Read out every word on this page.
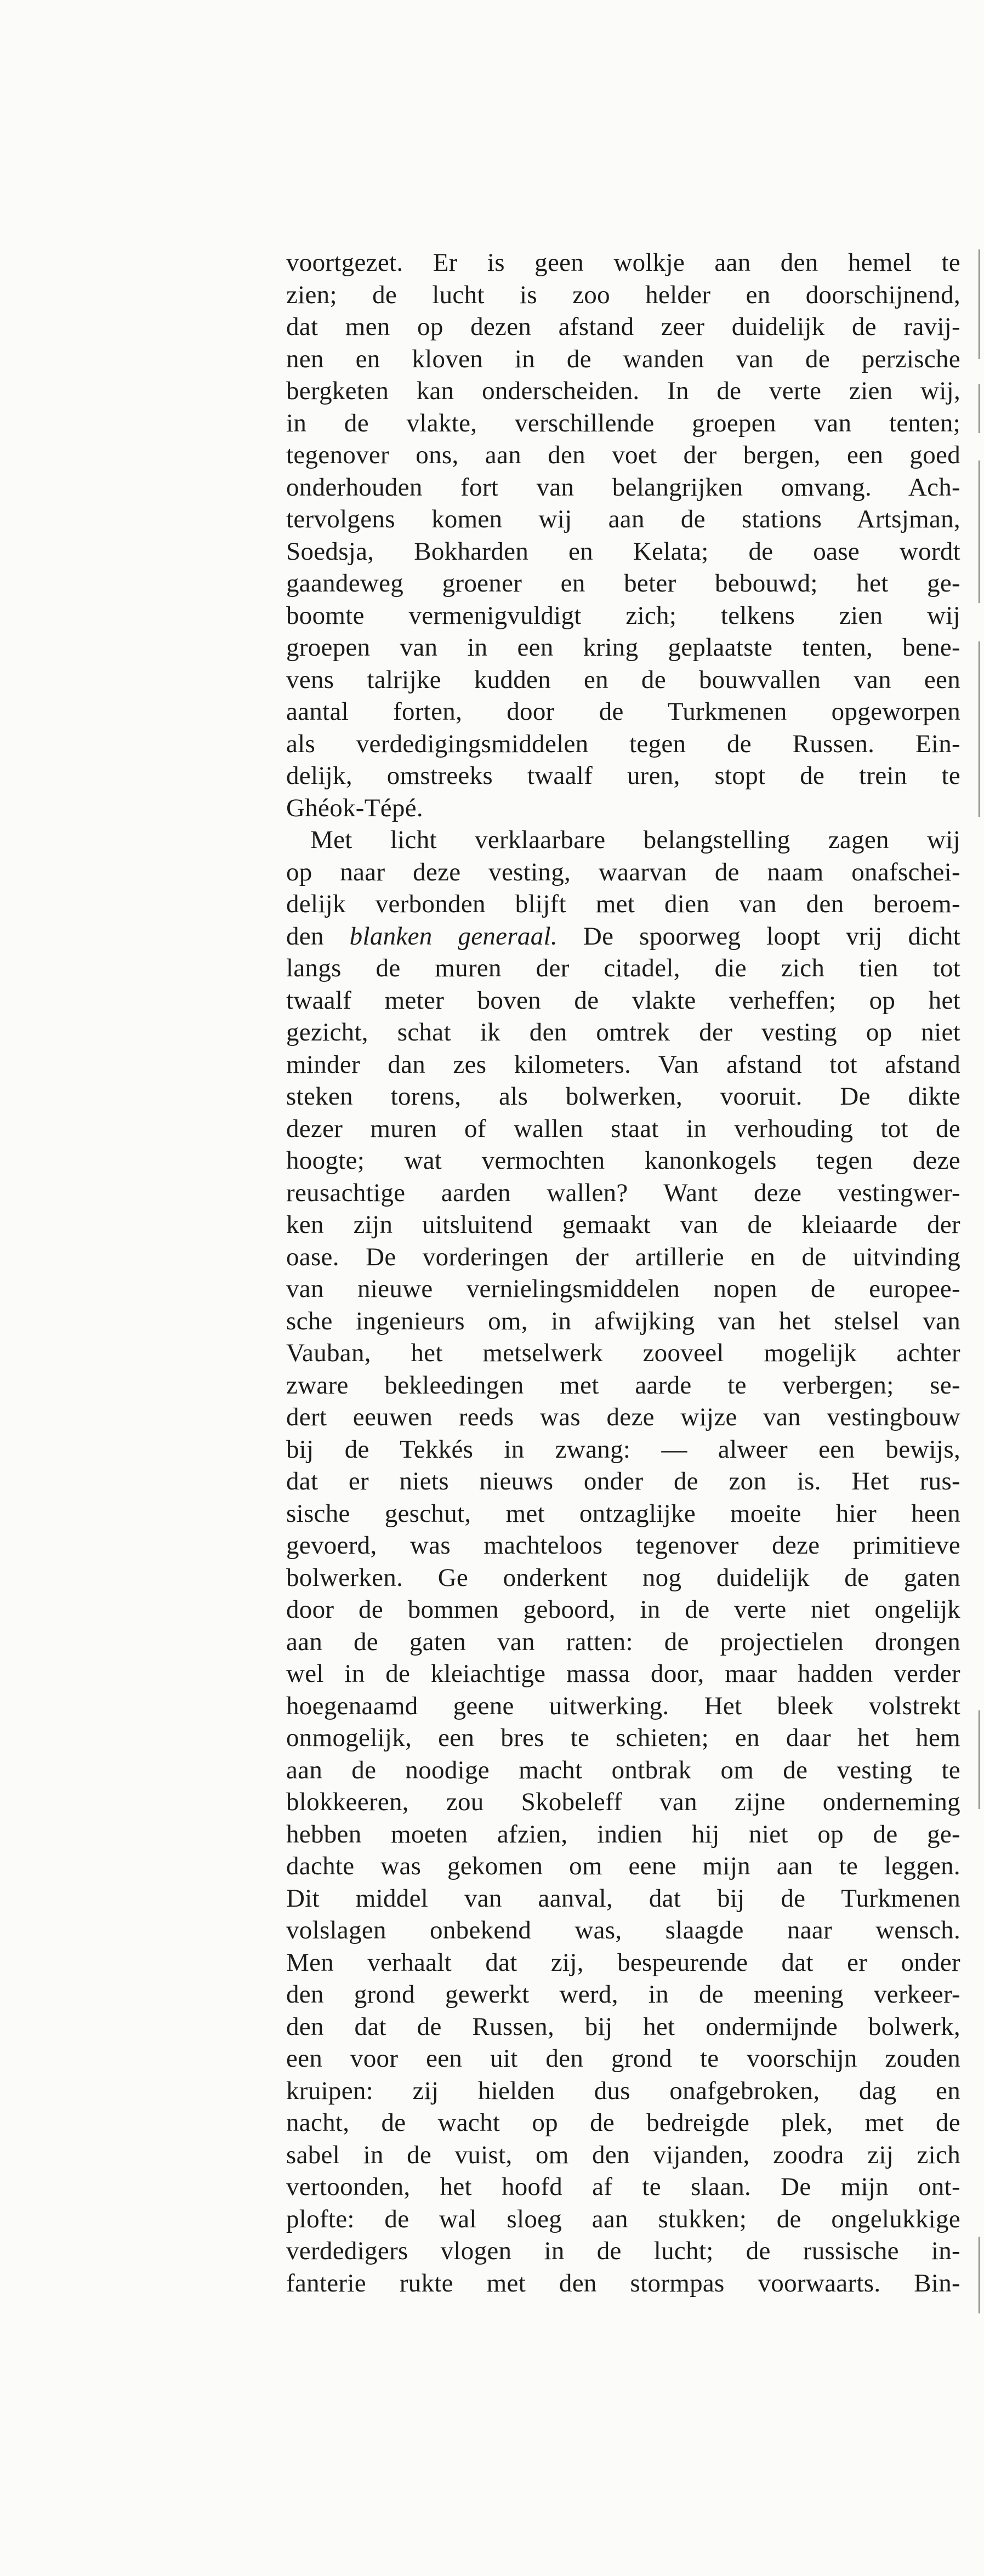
voortgezet. Er is geen wolkje aan den hemel te
zien; de lucht is zoo helder en doorschijnend,
dat men op dezen afstand zeer duidelijk de ravij-
nen en kloven in de wanden van de perzische
bergketen kan onderscheiden. In de verte zien wij,
in de vlakte, verschillende groepen van tenten;
tegenover ons, aan den voet der bergen, een goed
onderhouden fort van belangrijken omvang. Ach-
tervolgens komen wij aan de stations Artsjman,
Soedsja, Bokharden en Kelata; de oase wordt
gaandeweg groener en beter bebouwd; het ge-
boomte vermenigvuldigt zich; telkens zien wij
groepen van in een kring geplaatste tenten, bene-
vens talrijke kudden en de bouwvallen van een
aantal forten, door de Turkmenen opgeworpen
als verdedigingsmiddelen tegen de Russen. Ein-
delijk, omstreeks twaalf uren, stopt de trein te
Ghéok-Tépé.
Met licht verklaarbare belangstelling zagen wij
op naar deze vesting, waarvan de naam onafschei-
delijk verbonden blijft met dien van den beroem-
den blanken generaal. De spoorweg loopt vrij dicht
langs de muren der citadel, die zich tien tot
twaalf meter boven de vlakte verheffen; op het
gezicht, schat ik den omtrek der vesting op niet
minder dan zes kilometers. Van afstand tot afstand
steken torens, als bolwerken, vooruit. De dikte
dezer muren of wallen staat in verhouding tot de
hoogte; wat vermochten kanonkogels tegen deze
reusachtige aarden wallen? Want deze vestingwer-
ken zijn uitsluitend gemaakt van de kleiaarde der
oase. De vorderingen der artillerie en de uitvinding
van nieuwe vernielingsmiddelen nopen de europee-
sche ingenieurs om, in afwijking van het stelsel van
Vauban, het metselwerk zooveel mogelijk achter
zware bekleedingen met aarde te verbergen; se-
dert eeuwen reeds was deze wijze van vestingbouw
bij de Tekkés in zwang: — alweer een bewijs,
dat er niets nieuws onder de zon is. Het rus-
sische geschut, met ontzaglijke moeite hier heen
gevoerd, was machteloos tegenover deze primitieve
bolwerken. Ge onderkent nog duidelijk de gaten
door de bommen geboord, in de verte niet ongelijk
aan de gaten van ratten: de projectielen drongen
wel in de kleiachtige massa door, maar hadden verder
hoegenaamd geene uitwerking. Het bleek volstrekt
onmogelijk, een bres te schieten; en daar het hem
aan de noodige macht ontbrak om de vesting te
blokkeeren, zou Skobeleff van zijne onderneming
hebben moeten afzien, indien hij niet op de ge-
dachte was gekomen om eene mijn aan te leggen.
Dit middel van aanval, dat bij de Turkmenen
volslagen onbekend was, slaagde naar wensch.
Men verhaalt dat zij, bespeurende dat er onder
den grond gewerkt werd, in de meening verkeer-
den dat de Russen, bij het ondermijnde bolwerk,
een voor een uit den grond te voorschijn zouden
kruipen: zij hielden dus onafgebroken, dag en
nacht, de wacht op de bedreigde plek, met de
sabel in de vuist, om den vijanden, zoodra zij zich
vertoonden, het hoofd af te slaan. De mijn ont-
plofte: de wal sloeg aan stukken; de ongelukkige
verdedigers vlogen in de lucht; de russische in-
fanterie rukte met den stormpas voorwaarts. Bin-
